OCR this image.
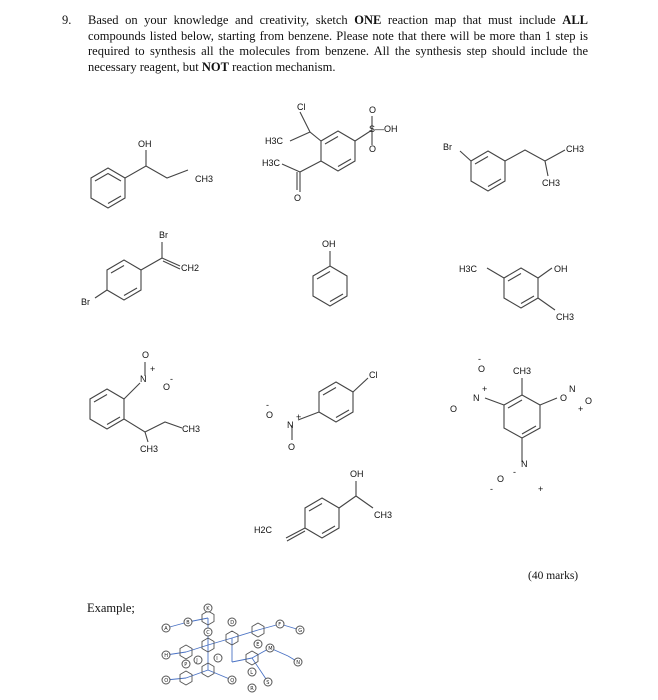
9. Based on your knowledge and creativity, sketch ONE reaction map that must include ALL compounds listed below, starting from benzene. Please note that there will be more than 1 step is required to synthesis all the molecules from benzene. All the synthesis step should include the necessary reagent, but NOT reaction mechanism.
OH
CH3
Cl
H3C
H3C
O
O
S—OH
O	Br	CH3
CH3
Br
CH2
Br
OH
H3C	OH
CH3
O
N
+
O
-
CH3
CH3
Cl
O
-
N
+
O
CH3
O
-
N
+
O
O
N
+
O
-
O
-
N
+
OH
CH3
H2C
(40 marks)
Example;
A
B
C
D
E
F
G
H	I
J
K
L
M
N
O
P
Q
R
S
